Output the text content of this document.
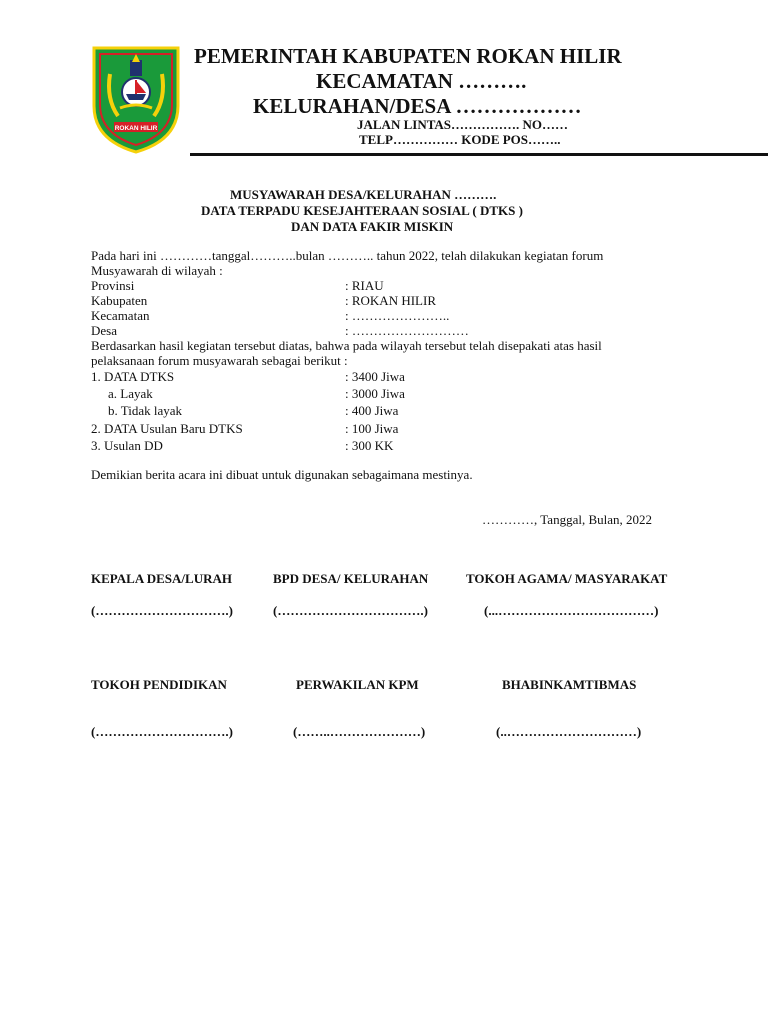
ROKAN HILIR
PEMERINTAH KABUPATEN ROKAN HILIR
KECAMATAN ……….
KELURAHAN/DESA ………………
JALAN LINTAS……………. NO……
TELP…………… KODE POS……..
MUSYAWARAH DESA/KELURAHAN ……….
DATA TERPADU KESEJAHTERAAN SOSIAL ( DTKS )
DAN DATA FAKIR MISKIN
Pada hari ini …………tanggal………..bulan ……….. tahun 2022, telah dilakukan kegiatan forum
Musyawarah di wilayah :
Provinsi	: RIAU
Kabupaten	: ROKAN HILIR
Kecamatan	: …………………..
Desa	: ………………………
Berdasarkan hasil kegiatan tersebut diatas, bahwa pada wilayah tersebut telah disepakati atas hasil
pelaksanaan forum musyawarah sebagai berikut :
1. DATA DTKS	: 3400 Jiwa
a. Layak	: 3000 Jiwa
b. Tidak layak	: 400 Jiwa
2. DATA Usulan Baru DTKS	: 100 Jiwa
3. Usulan DD	: 300 KK
Demikian berita acara ini dibuat untuk digunakan sebagaimana mestinya.
…………, Tanggal, Bulan, 2022
KEPALA DESA/LURAH	BPD DESA/ KELURAHAN	TOKOH AGAMA/ MASYARAKAT
(………………………….)	(…………………………….)	(...………………………………)
TOKOH PENDIDIKAN	PERWAKILAN KPM	BHABINKAMTIBMAS
(………………………….)	(……..…………………)	(..…………………………)
